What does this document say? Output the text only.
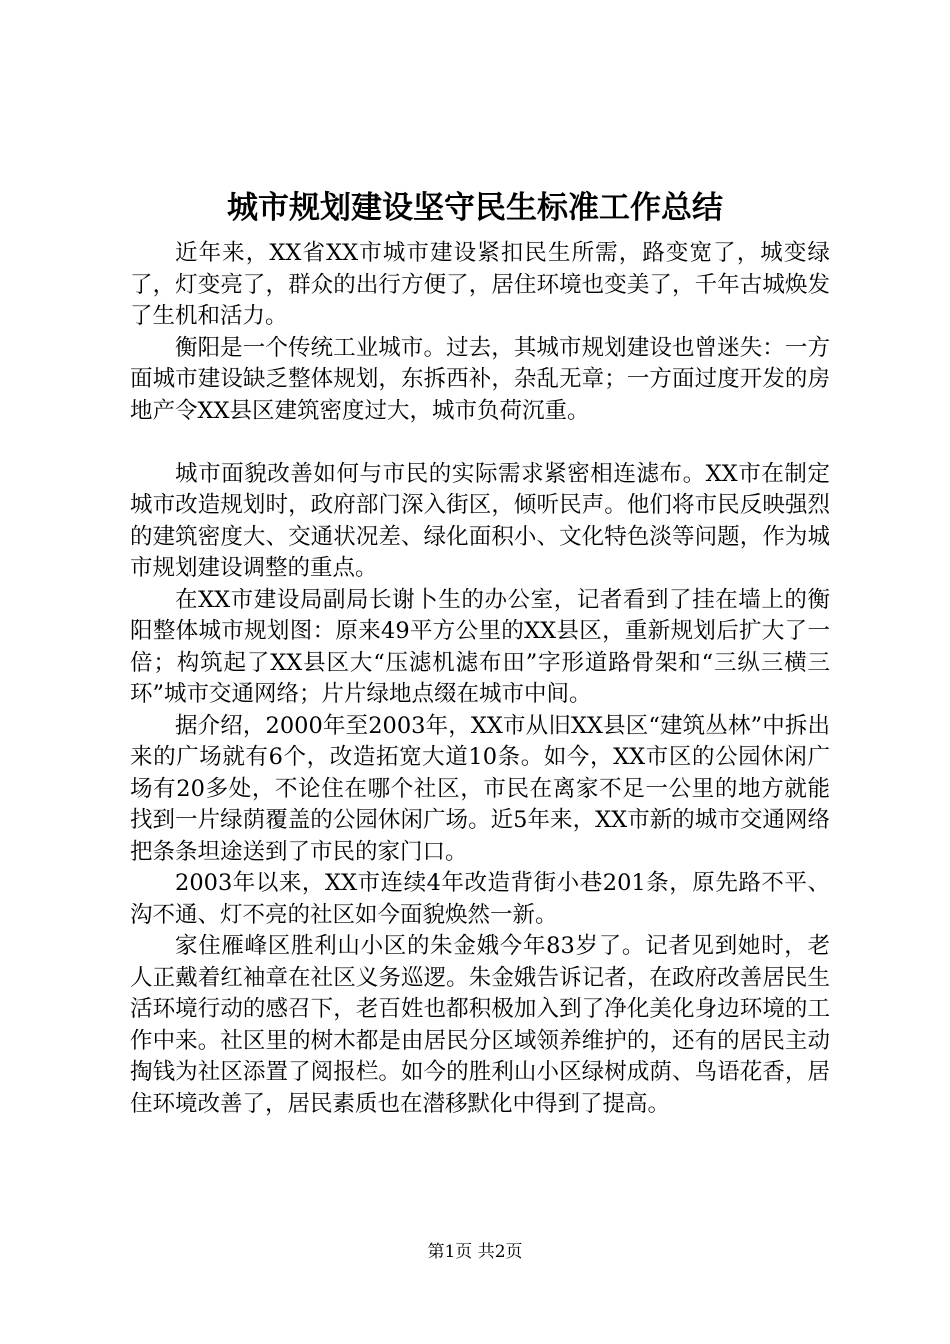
城市规划建设坚守民生标准工作总结

近年来，XX省XX市城市建设紧扣民生所需，路变宽了，城变绿了，灯变亮了，群众的出行方便了，居住环境也变美了，千年古城焕发了生机和活力。

衡阳是一个传统工业城市。过去，其城市规划建设也曾迷失：一方面城市建设缺乏整体规划，东拆西补，杂乱无章；一方面过度开发的房地产令XX县区建筑密度过大，城市负荷沉重。

城市面貌改善如何与市民的实际需求紧密相连滤布。XX市在制定城市改造规划时，政府部门深入街区，倾听民声。他们将市民反映强烈的建筑密度大、交通状况差、绿化面积小、文化特色淡等问题，作为城市规划建设调整的重点。

在XX市建设局副局长谢卜生的办公室，记者看到了挂在墙上的衡阳整体城市规划图：原来49平方公里的XX县区，重新规划后扩大了一倍；构筑起了XX县区大“压滤机滤布田”字形道路骨架和“三纵三横三环”城市交通网络；片片绿地点缀在城市中间。

据介绍，2000年至2003年，XX市从旧XX县区“建筑丛林”中拆出来的广场就有6个，改造拓宽大道10条。如今，XX市区的公园休闲广场有20多处，不论住在哪个社区，市民在离家不足一公里的地方就能找到一片绿荫覆盖的公园休闲广场。近5年来，XX市新的城市交通网络把条条坦途送到了市民的家门口。

2003年以来，XX市连续4年改造背街小巷201条，原先路不平、沟不通、灯不亮的社区如今面貌焕然一新。

家住雁峰区胜利山小区的朱金娥今年83岁了。记者见到她时，老人正戴着红袖章在社区义务巡逻。朱金娥告诉记者，在政府改善居民生活环境行动的感召下，老百姓也都积极加入到了净化美化身边环境的工作中来。社区里的树木都是由居民分区域领养维护的，还有的居民主动掏钱为社区添置了阅报栏。如今的胜利山小区绿树成荫、鸟语花香，居住环境改善了，居民素质也在潜移默化中得到了提高。

第1页 共2页
